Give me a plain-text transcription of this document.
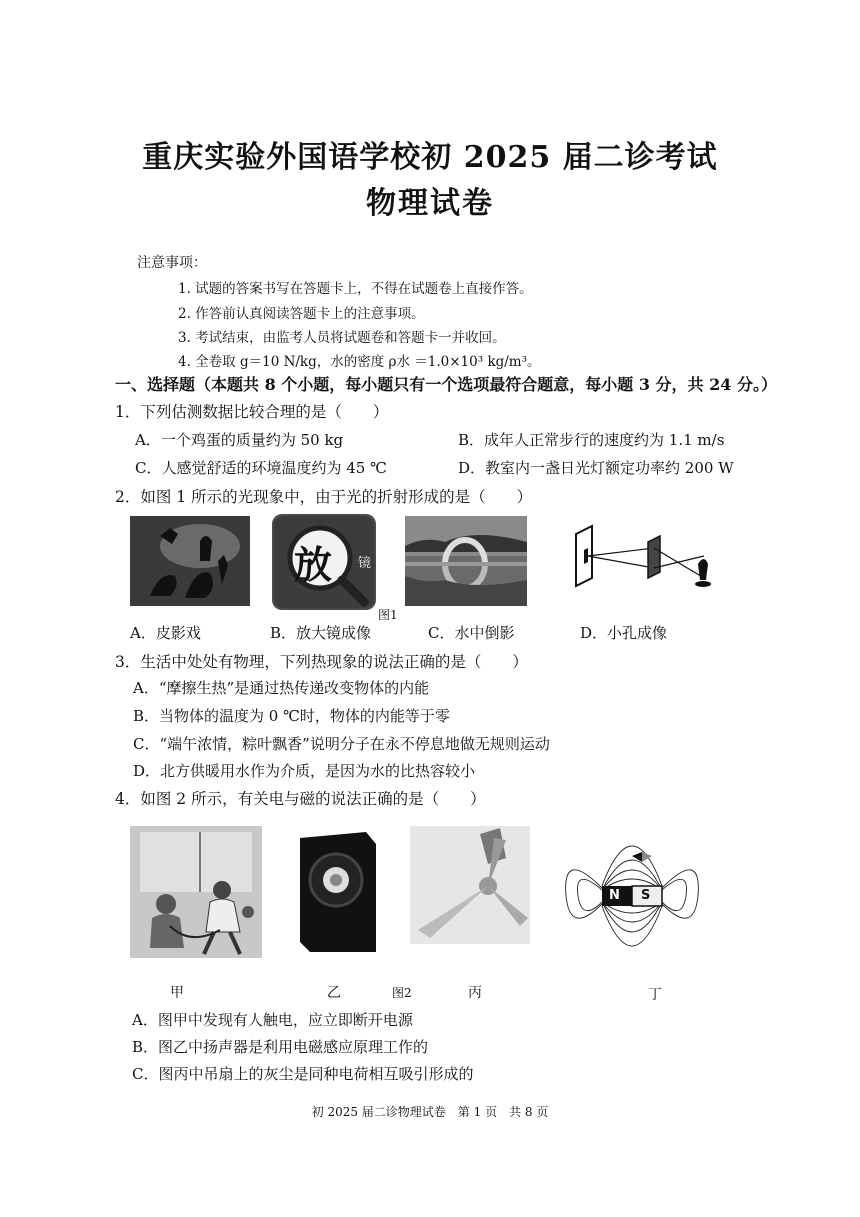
重庆实验外国语学校初 2025 届二诊考试
物理试卷
注意事项：
1. 试题的答案书写在答题卡上，不得在试题卷上直接作答。
2. 作答前认真阅读答题卡上的注意事项。
3. 考试结束，由监考人员将试题卷和答题卡一并收回。
4. 全卷取 g＝10 N/kg，水的密度 ρ水 ＝1.0×10³ kg/m³。
一、选择题（本题共 8 个小题，每小题只有一个选项最符合题意，每小题 3 分，共 24 分。）
1．下列估测数据比较合理的是（　　）
A．一个鸡蛋的质量约为 50 kg	B．成年人正常步行的速度约为 1.1 m/s
C．人感觉舒适的环境温度约为 45 ℃	D．教室内一盏日光灯额定功率约 200 W
2．如图 1 所示的光现象中，由于光的折射形成的是（　　）
放 镜
图1
A．皮影戏	B．放大镜成像	C．水中倒影	D．小孔成像
3．生活中处处有物理，下列热现象的说法正确的是（　　）
A．“摩擦生热”是通过热传递改变物体的内能
B．当物体的温度为 0 ℃时，物体的内能等于零
C．“端午浓情，粽叶飘香”说明分子在永不停息地做无规则运动
D．北方供暖用水作为介质，是因为水的比热容较小
4．如图 2 所示，有关电与磁的说法正确的是（　　）
N S
甲	乙	图2	丙	丁
A．图甲中发现有人触电，应立即断开电源
B．图乙中扬声器是利用电磁感应原理工作的
C．图丙中吊扇上的灰尘是同种电荷相互吸引形成的
初 2025 届二诊物理试卷　第 1 页　共 8 页
